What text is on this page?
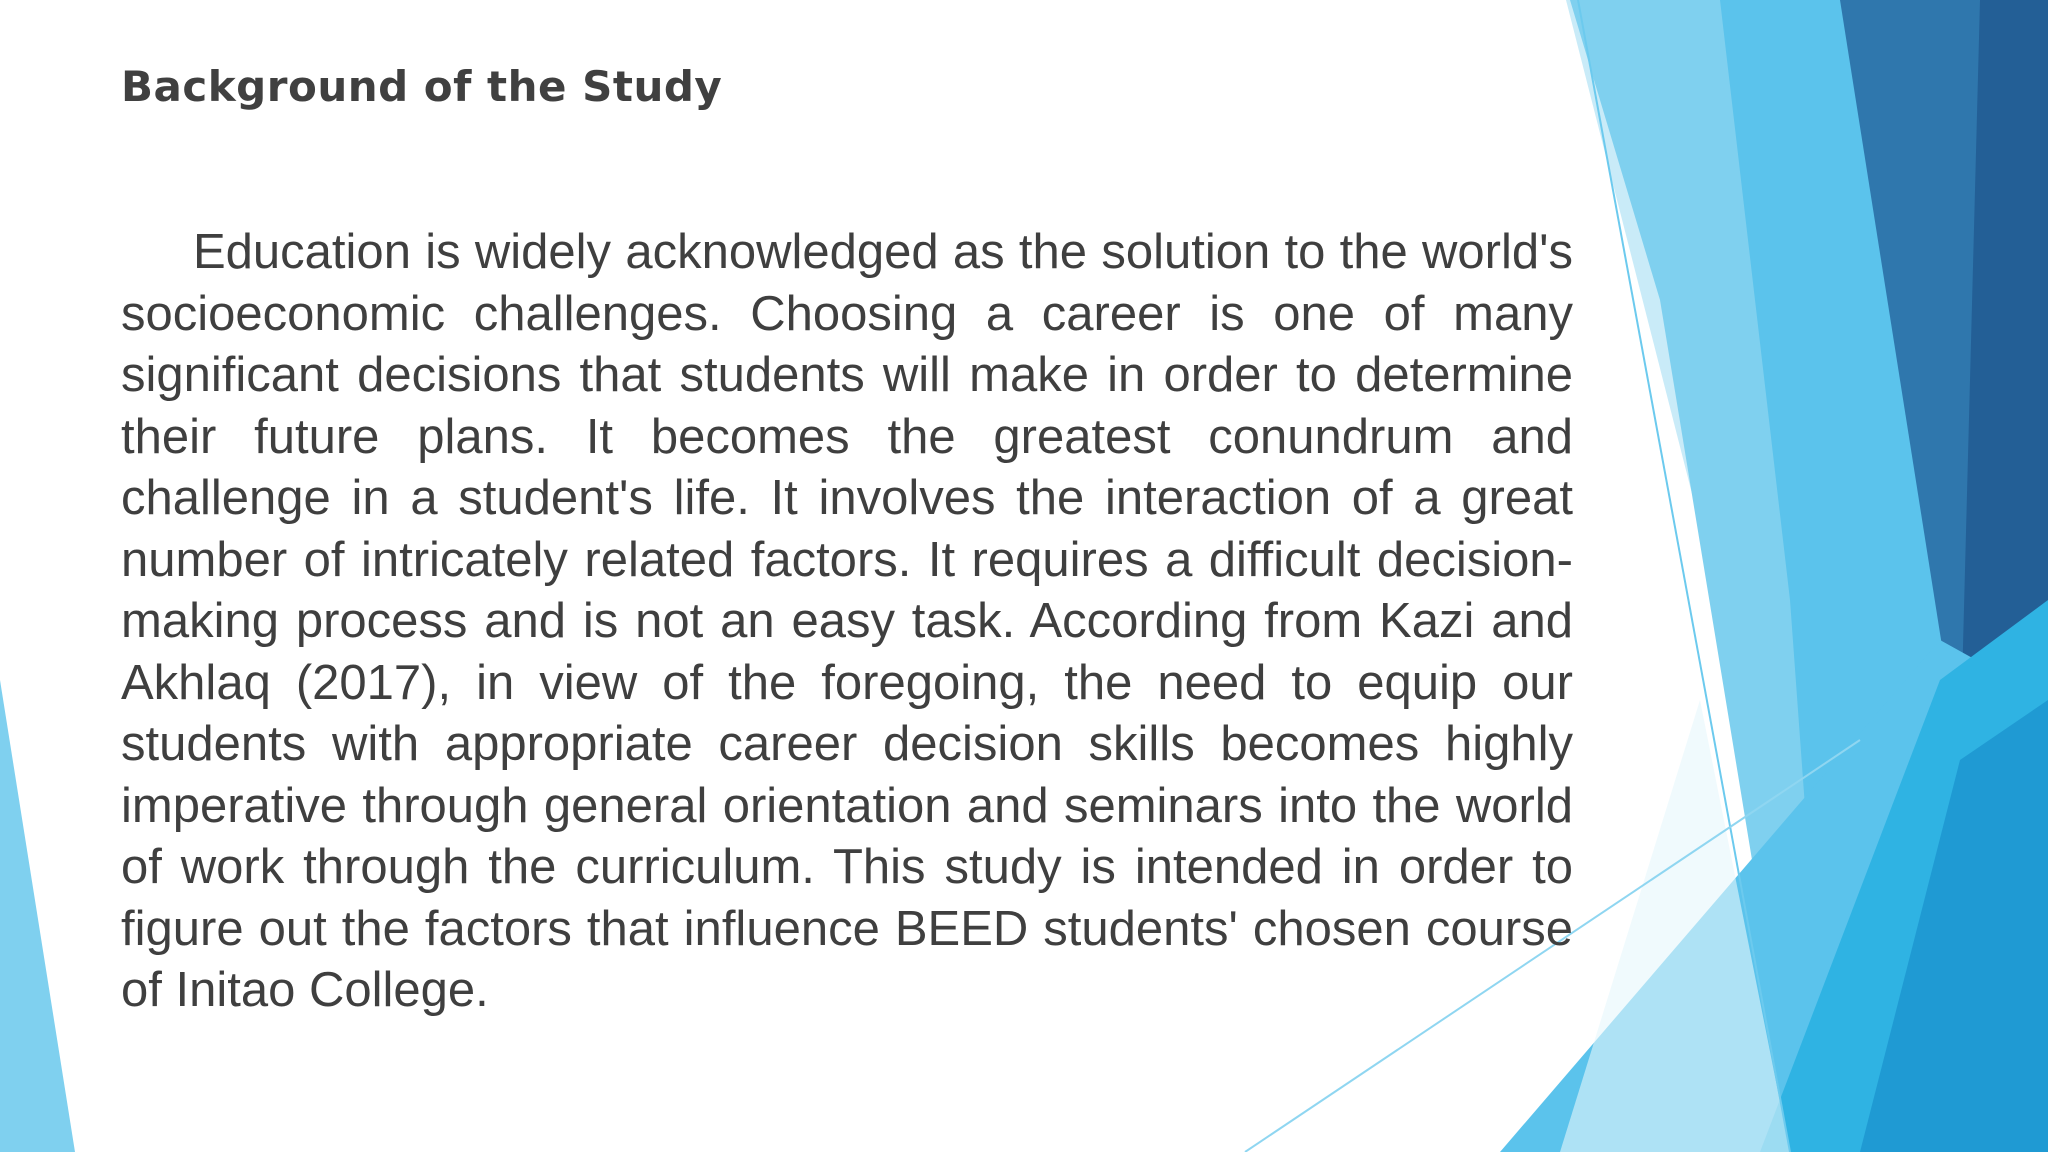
Background of the Study

Education is widely acknowledged as the solution to the world's socioeconomic challenges. Choosing a career is one of many significant decisions that students will make in order to determine their future plans. It becomes the greatest conundrum and challenge in a student's life. It involves the interaction of a great number of intricately related factors. It requires a difficult decision-making process and is not an easy task. According from Kazi and Akhlaq (2017), in view of the foregoing, the need to equip our students with appropriate career decision skills becomes highly imperative through general orientation and seminars into the world of work through the curriculum. This study is intended in order to figure out the factors that influence BEED students' chosen course of Initao College.
